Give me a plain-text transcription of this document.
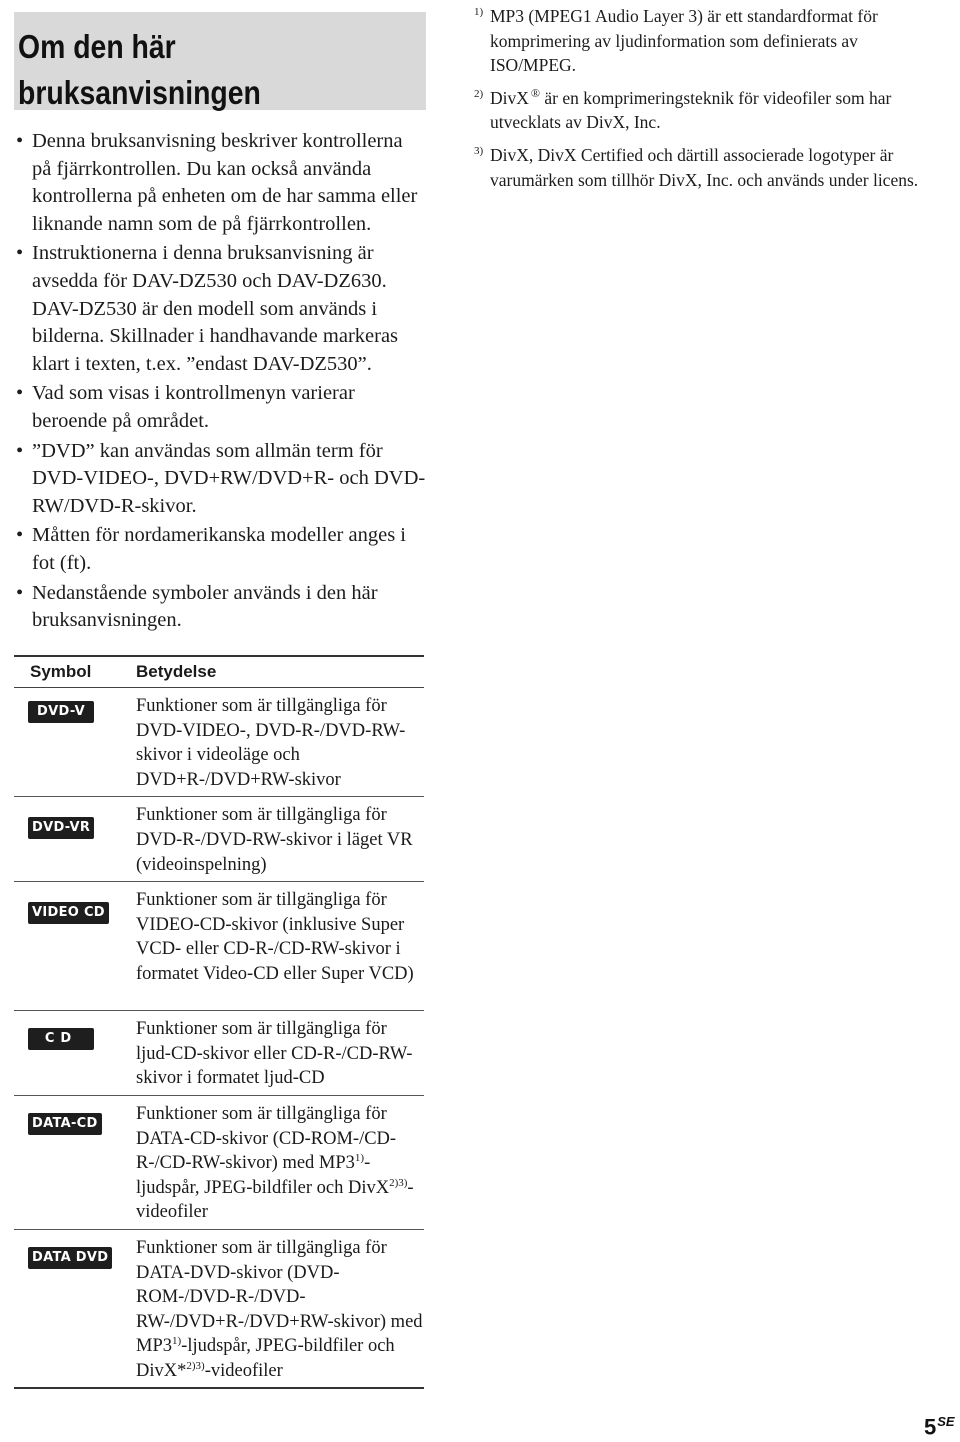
Om den här bruksanvisningen
• Denna bruksanvisning beskriver kontrollerna på fjärrkontrollen. Du kan också använda kontrollerna på enheten om de har samma eller liknande namn som de på fjärrkontrollen.
• Instruktionerna i denna bruksanvisning är avsedda för DAV-DZ530 och DAV-DZ630. DAV-DZ530 är den modell som används i bilderna. Skillnader i handhavande markeras klart i texten, t.ex. ”endast DAV-DZ530”.
• Vad som visas i kontrollmenyn varierar beroende på området.
• ”DVD” kan användas som allmän term för DVD-VIDEO-, DVD+RW/DVD+R- och DVD-RW/DVD-R-skivor.
• Måtten för nordamerikanska modeller anges i fot (ft).
• Nedanstående symboler används i den här bruksanvisningen.
Symbol	Betydelse
DVD-V	Funktioner som är tillgängliga för DVD-VIDEO-, DVD-R-/DVD-RW-skivor i videoläge och DVD+R-/DVD+RW-skivor
DVD-VR	Funktioner som är tillgängliga för DVD-R-/DVD-RW-skivor i läget VR (videoinspelning)
VIDEO CD	Funktioner som är tillgängliga för VIDEO-CD-skivor (inklusive Super VCD- eller CD-R-/CD-RW-skivor i formatet Video-CD eller Super VCD)
CD	Funktioner som är tillgängliga för ljud-CD-skivor eller CD-R-/CD-RW-skivor i formatet ljud-CD
DATA-CD	Funktioner som är tillgängliga för DATA-CD-skivor (CD-ROM-/CD-R-/CD-RW-skivor) med MP3$^{1)}$-ljudspår, JPEG-bildfiler och DivX$^{2)3)}$-videofiler
DATA DVD	Funktioner som är tillgängliga för DATA-DVD-skivor (DVD-ROM-/DVD-R-/DVD-RW-/DVD+R-/DVD+RW-skivor) med MP3$^{1)}$-ljudspår, JPEG-bildfiler och DivX*$^{2)3)}$-videofiler
1) MP3 (MPEG1 Audio Layer 3) är ett standardformat för komprimering av ljudinformation som definierats av ISO/MPEG.
2) DivX ® är en komprimeringsteknik för videofiler som har utvecklats av DivX, Inc.
3) DivX, DivX Certified och därtill associerade logotyper är varumärken som tillhör DivX, Inc. och används under licens.
$5^{SE}$
